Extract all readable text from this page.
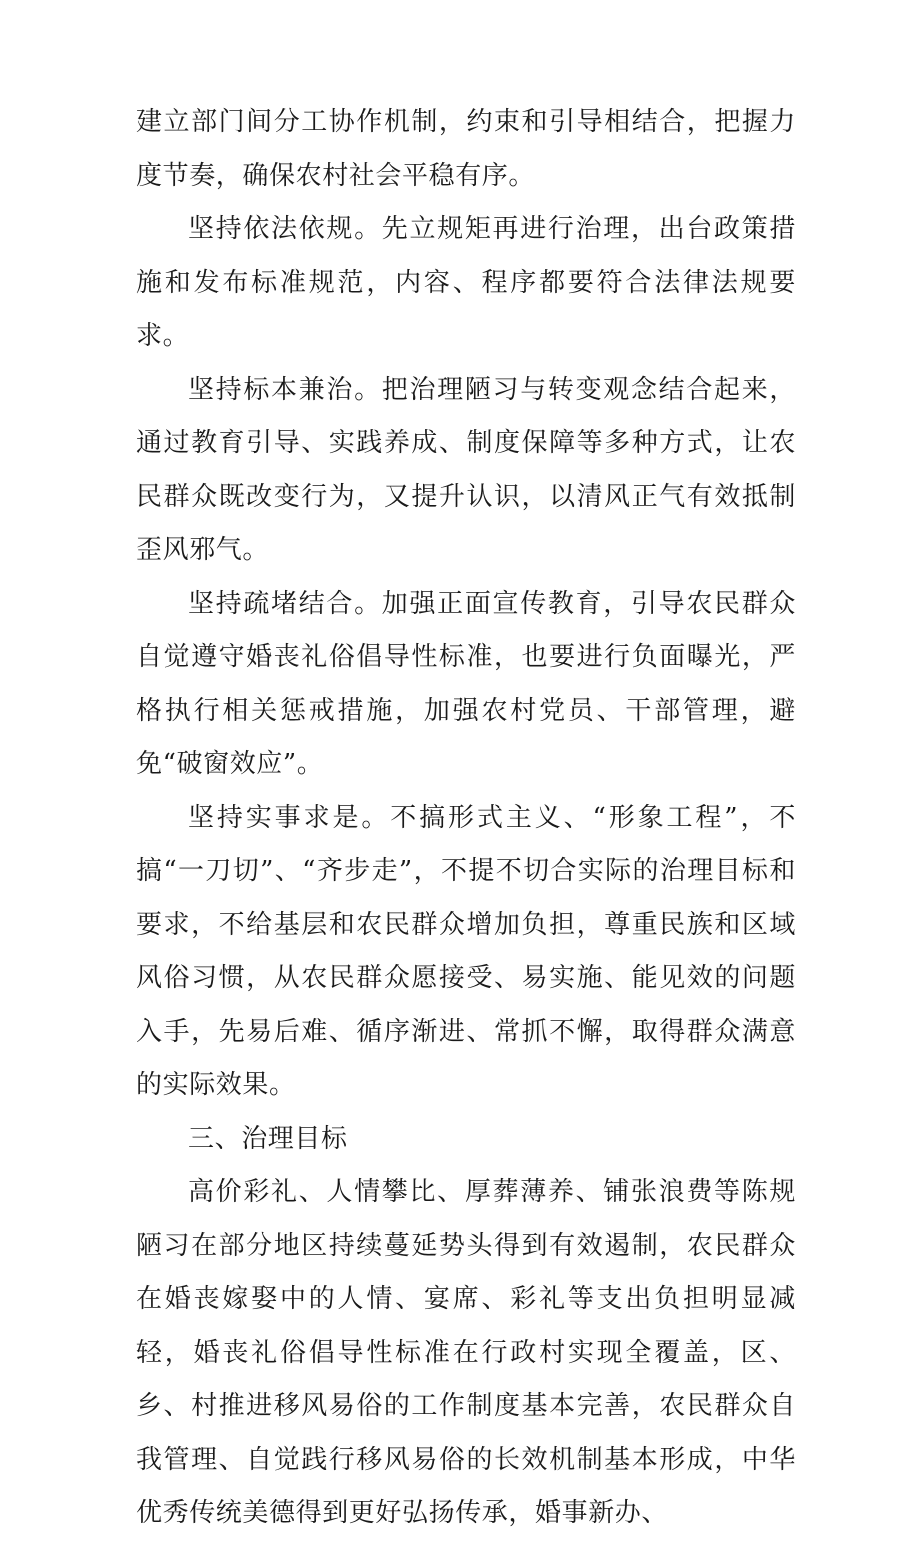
建立部门间分工协作机制，约束和引导相结合，把握力度节奏，确保农村社会平稳有序。

坚持依法依规。先立规矩再进行治理，出台政策措施和发布标准规范，内容、程序都要符合法律法规要求。

坚持标本兼治。把治理陋习与转变观念结合起来，通过教育引导、实践养成、制度保障等多种方式，让农民群众既改变行为，又提升认识，以清风正气有效抵制歪风邪气。

坚持疏堵结合。加强正面宣传教育，引导农民群众自觉遵守婚丧礼俗倡导性标准，也要进行负面曝光，严格执行相关惩戒措施，加强农村党员、干部管理，避免“破窗效应”。

坚持实事求是。不搞形式主义、“形象工程”，不搞“一刀切”、“齐步走”，不提不切合实际的治理目标和要求，不给基层和农民群众增加负担，尊重民族和区域风俗习惯，从农民群众愿接受、易实施、能见效的问题入手，先易后难、循序渐进、常抓不懈，取得群众满意的实际效果。

三、治理目标

高价彩礼、人情攀比、厚葬薄养、铺张浪费等陈规陋习在部分地区持续蔓延势头得到有效遏制，农民群众在婚丧嫁娶中的人情、宴席、彩礼等支出负担明显减轻，婚丧礼俗倡导性标准在行政村实现全覆盖，区、乡、村推进移风易俗的工作制度基本完善，农民群众自我管理、自觉践行移风易俗的长效机制基本形成，中华优秀传统美德得到更好弘扬传承，婚事新办、
